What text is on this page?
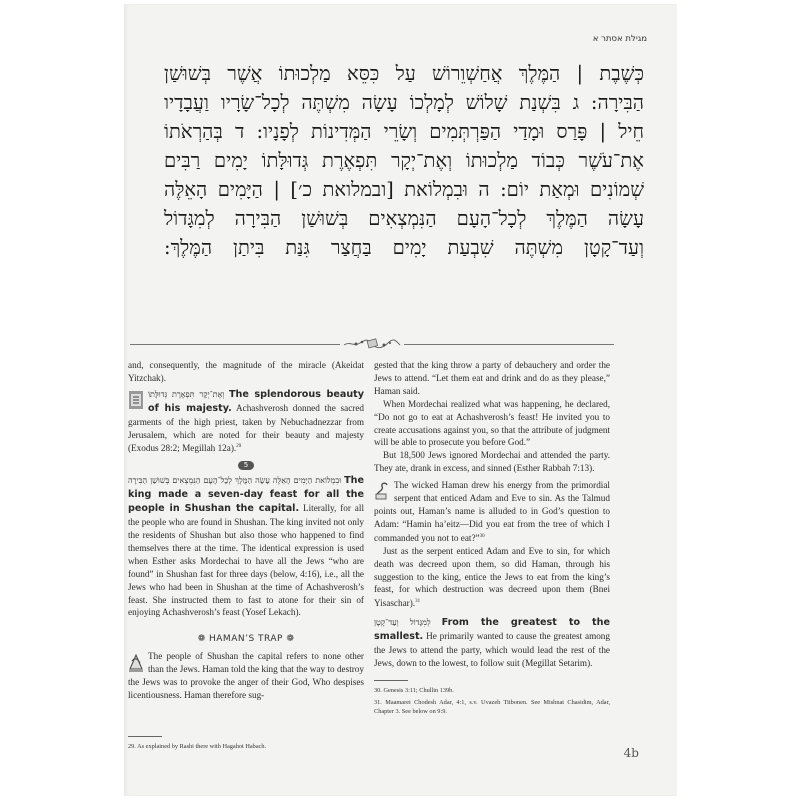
מגילת אסתר א
כְּשֶׁבֶת | הַמֶּלֶךְ אֲחַשְׁוֵרוֹשׁ עַל כִּסֵּא מַלְכוּתוֹ אֲשֶׁר בְּשׁוּשַׁן
הַבִּירָה: ג בִּשְׁנַת שָׁלוֹשׁ לְמָלְכוֹ עָשָׂה מִשְׁתֶּה לְכָל־שָׂרָיו וַעֲבָדָיו
חֵיל | פָּרַס וּמָדַי הַפַּרְתְּמִים וְשָׂרֵי הַמְּדִינוֹת לְפָנָיו: ד בְּהַרְאֹתוֹ
אֶת־עֹשֶׁר כְּבוֹד מַלְכוּתוֹ וְאֶת־יְקָר תִּפְאֶרֶת גְּדוּלָּתוֹ יָמִים רַבִּים
שְׁמוֹנִים וּמְאַת יוֹם: ה וּבִמְלוֹאת [ובמלואת כ׳] | הַיָּמִים הָאֵלֶּה
עָשָׂה הַמֶּלֶךְ לְכָל־הָעָם הַנִּמְצְאִים בְּשׁוּשַׁן הַבִּירָה לְמִגָּדוֹל
וְעַד־קָטָן מִשְׁתֶּה שִׁבְעַת יָמִים בַּחֲצַר גִּנַּת בִּיתַן הַמֶּלֶךְ:

and, consequently, the magnitude of the miracle (Akeidat Yitzchak).

וְאֶת־יְקָר תִּפְאֶרֶת גְּדוּלָּתוֹ The splendorous beauty of his majesty. Achashverosh donned the sacred garments of the high priest, taken by Nebuchadnezzar from Jerusalem, which are noted for their beauty and majesty (Exodus 28:2; Megillah 12a).$^{29}$

5

וּבִמְלוֹאת הַיָּמִים הָאֵלֶּה עָשָׂה הַמֶּלֶךְ לְכָל־הָעָם הַנִּמְצְאִים בְּשׁוּשַׁן הַבִּירָה The king made a seven-day feast for all the people in Shushan the capital. Literally, for all the people who are found in Shushan. The king invited not only the residents of Shushan but also those who happened to find themselves there at the time. The identical expression is used when Esther asks Mordechai to have all the Jews “who are found” in Shushan fast for three days (below, 4:16), i.e., all the Jews who had been in Shushan at the time of Achashverosh’s feast. She instructed them to fast to atone for their sin of enjoying Achashverosh’s feast (Yosef Lekach).

❁ HAMAN’S TRAP ❁

The people of Shushan the capital refers to none other than the Jews. Haman told the king that the way to destroy the Jews was to provoke the anger of their God, Who despises licentiousness. Haman therefore sug-

29. As explained by Rashi there with Hagahot Habach.

gested that the king throw a party of debauchery and order the Jews to attend. “Let them eat and drink and do as they please,” Haman said.

When Mordechai realized what was happening, he declared, “Do not go to eat at Achashverosh’s feast! He invited you to create accusations against you, so that the attribute of judgment will be able to prosecute you before God.”

But 18,500 Jews ignored Mordechai and attended the party. They ate, drank in excess, and sinned (Esther Rabbah 7:13).

The wicked Haman drew his energy from the primordial serpent that enticed Adam and Eve to sin. As the Talmud points out, Haman’s name is alluded to in God’s question to Adam: “Hamin ha’eitz—Did you eat from the tree of which I commanded you not to eat?”$^{30}$

Just as the serpent enticed Adam and Eve to sin, for which death was decreed upon them, so did Haman, through his suggestion to the king, entice the Jews to eat from the king’s feast, for which destruction was decreed upon them (Bnei Yisaschar).$^{31}$

לְמִגָּדוֹל וְעַד־קָטָן From the greatest to the smallest. He primarily wanted to cause the greatest among the Jews to attend the party, which would lead the rest of the Jews, down to the lowest, to follow suit (Megillat Setarim).

30. Genesis 3:11; Chullin 139b.

31. Maamarei Chodesh Adar, 4:1, s.v. Uvazeh Titbonen. See Mishnat Chasidim, Adar, Chapter 3. See below on 9:9.

4b
